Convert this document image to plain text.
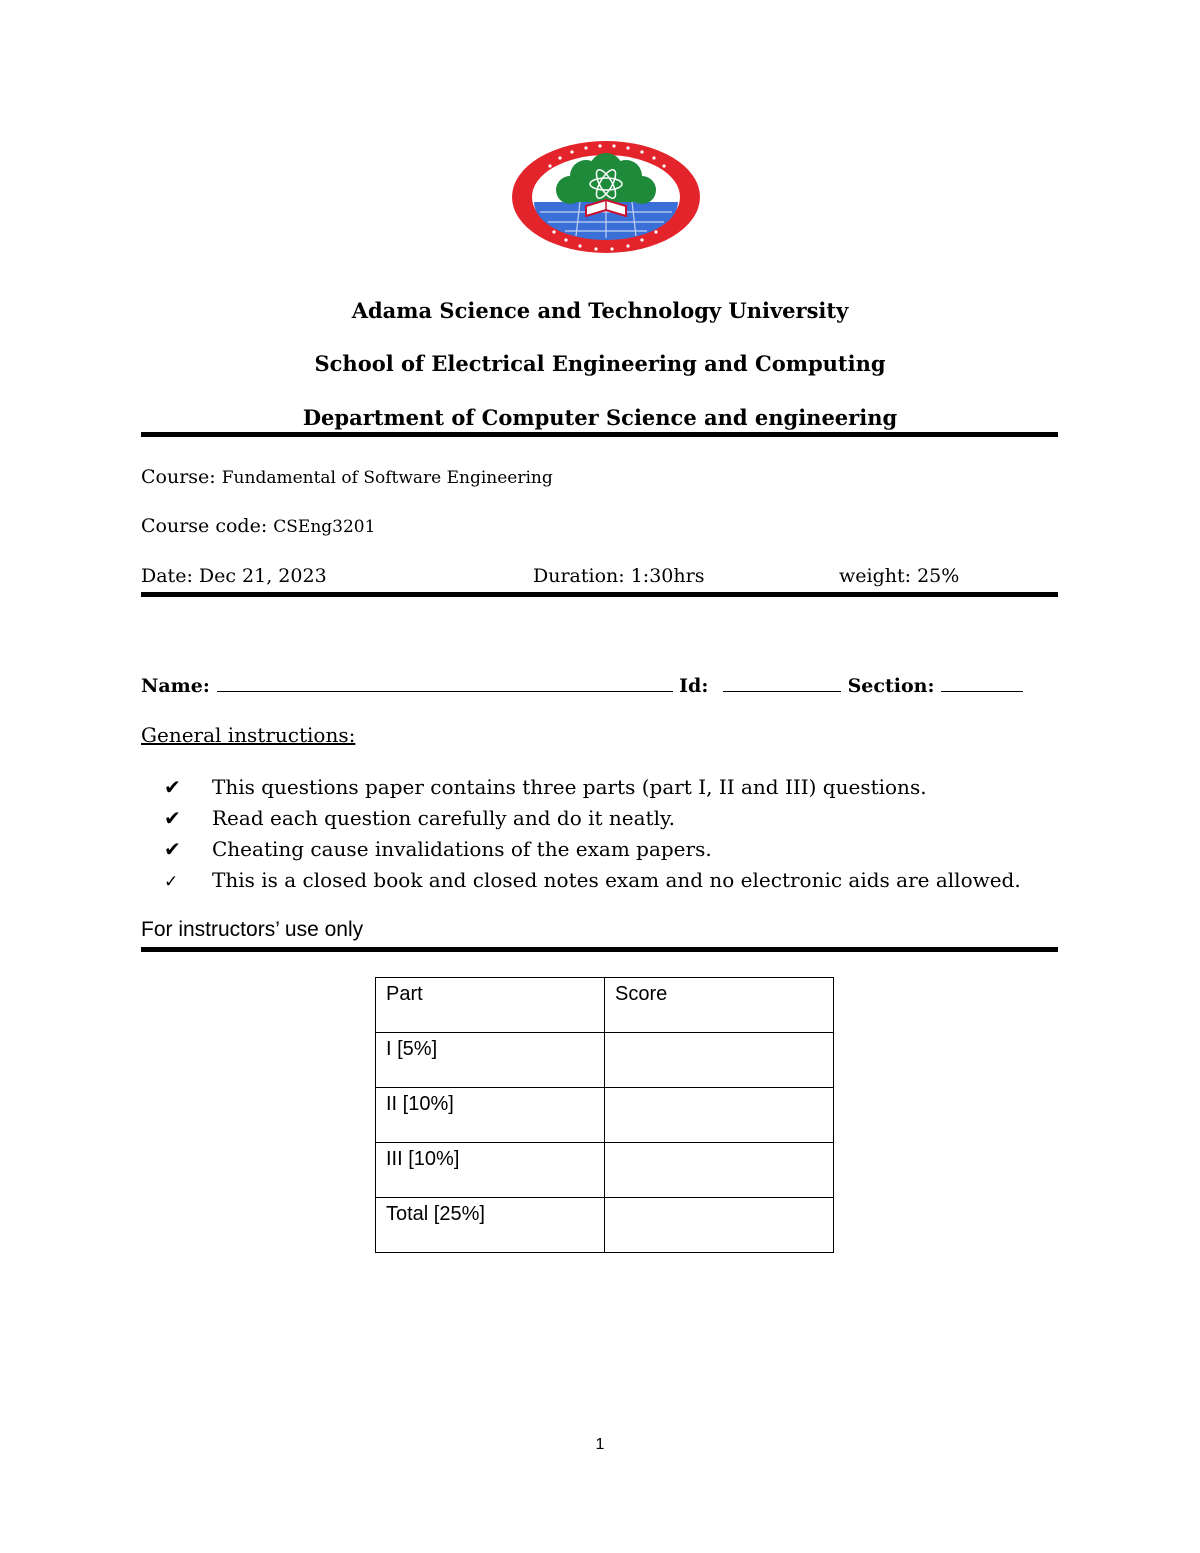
Adama Science and Technology University
School of Electrical Engineering and Computing
Department of Computer Science and engineering
Course: Fundamental of Software Engineering
Course code: CSEng3201
Date: Dec 21, 2023	Duration: 1:30hrs	weight: 25%
Name:	Id:	Section:
General instructions:
✔ This questions paper contains three parts (part I, II and III) questions.
✔ Read each question carefully and do it neatly.
✔ Cheating cause invalidations of the exam papers.
✓ This is a closed book and closed notes exam and no electronic aids are allowed.
For instructors’ use only
Part	Score

I [5%]	

II [10%]	

III [10%]	

Total [25%]	

1
